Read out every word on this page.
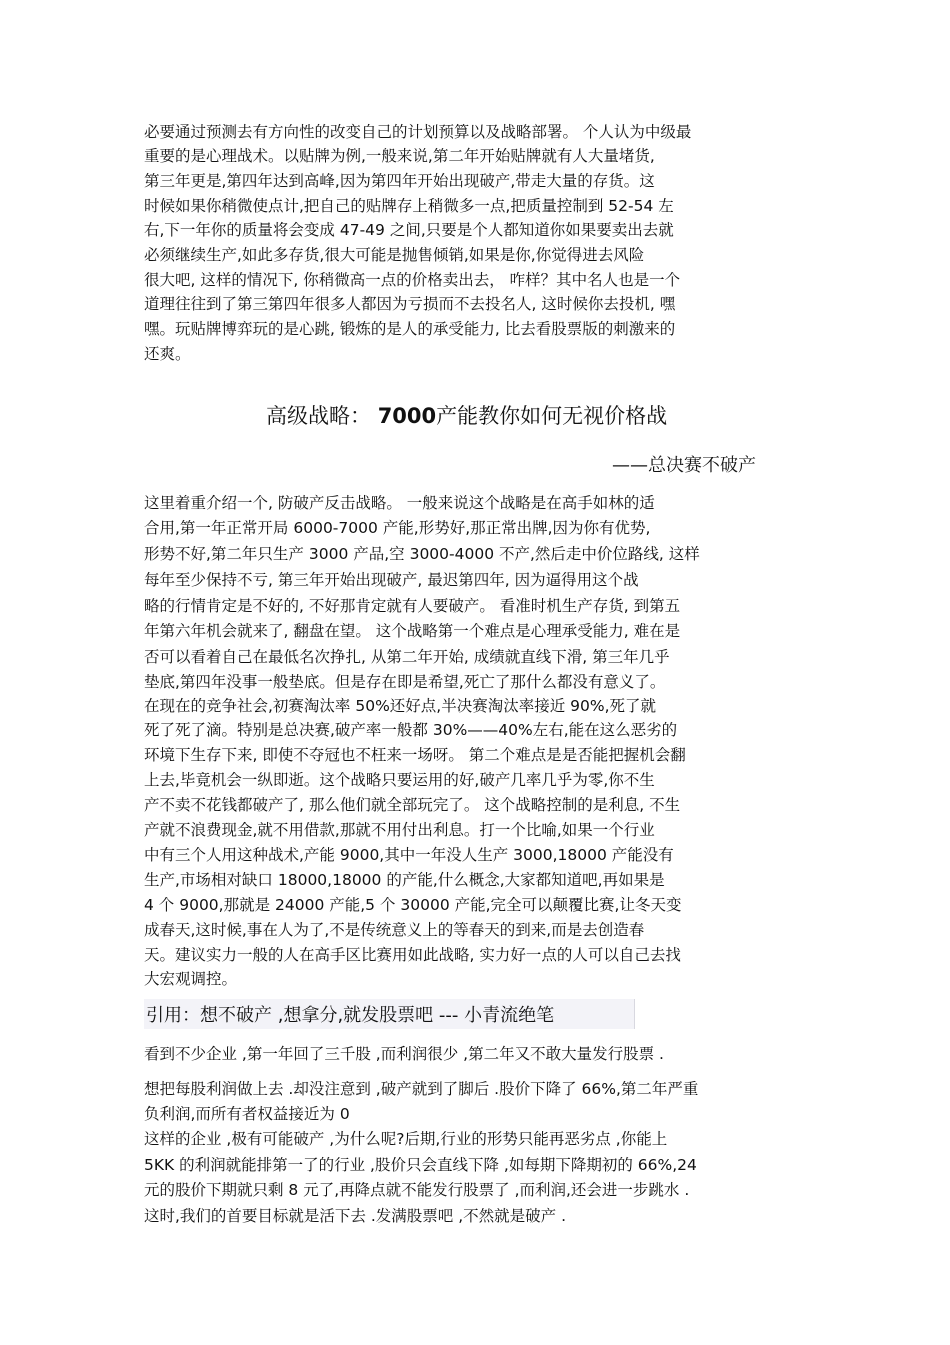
必要通过预测去有方向性的改变自己的计划预算以及战略部署。 个人认为中级最
重要的是心理战术。以贴牌为例,一般来说,第二年开始贴牌就有人大量堵货,
第三年更是,第四年达到高峰,因为第四年开始出现破产,带走大量的存货。这
时候如果你稍微使点计,把自己的贴牌存上稍微多一点,把质量控制到 52-54 左
右,下一年你的质量将会变成 47-49 之间,只要是个人都知道你如果要卖出去就
必须继续生产,如此多存货,很大可能是抛售倾销,如果是你,你觉得进去风险
很大吧, 这样的情况下, 你稍微高一点的价格卖出去， 咋样？其中名人也是一个
道理往往到了第三第四年很多人都因为亏损而不去投名人, 这时候你去投机, 嘿
嘿。玩贴牌博弈玩的是心跳, 锻炼的是人的承受能力, 比去看股票版的刺激来的
还爽。
高级战略： 7000产能教你如何无视价格战
——总决赛不破产
这里着重介绍一个, 防破产反击战略。 一般来说这个战略是在高手如林的适
合用,第一年正常开局 6000-7000 产能,形势好,那正常出牌,因为你有优势,
形势不好,第二年只生产 3000 产品,空 3000-4000 不产,然后走中价位路线, 这样
每年至少保持不亏, 第三年开始出现破产, 最迟第四年, 因为逼得用这个战
略的行情肯定是不好的, 不好那肯定就有人要破产。 看准时机生产存货, 到第五
年第六年机会就来了, 翻盘在望。 这个战略第一个难点是心理承受能力, 难在是
否可以看着自己在最低名次挣扎, 从第二年开始, 成绩就直线下滑, 第三年几乎
垫底,第四年没事一般垫底。但是存在即是希望,死亡了那什么都没有意义了。
在现在的竞争社会,初赛淘汰率 50%还好点,半决赛淘汰率接近 90%,死了就
死了死了滴。特别是总决赛,破产率一般都 30%——40%左右,能在这么恶劣的
环境下生存下来, 即使不夺冠也不枉来一场呀。 第二个难点是是否能把握机会翻
上去,毕竟机会一纵即逝。这个战略只要运用的好,破产几率几乎为零,你不生
产不卖不花钱都破产了, 那么他们就全部玩完了。 这个战略控制的是利息, 不生
产就不浪费现金,就不用借款,那就不用付出利息。打一个比喻,如果一个行业
中有三个人用这种战术,产能 9000,其中一年没人生产 3000,18000 产能没有
生产,市场相对缺口 18000,18000 的产能,什么概念,大家都知道吧,再如果是
4 个 9000,那就是 24000 产能,5 个 30000 产能,完全可以颠覆比赛,让冬天变
成春天,这时候,事在人为了,不是传统意义上的等春天的到来,而是去创造春
天。建议实力一般的人在高手区比赛用如此战略, 实力好一点的人可以自己去找
大宏观调控。
引用：想不破产 ,想拿分,就发股票吧 --- 小青流绝笔
看到不少企业 ,第一年回了三千股 ,而利润很少 ,第二年又不敢大量发行股票 .
想把每股利润做上去 .却没注意到 ,破产就到了脚后 .股价下降了 66%,第二年严重
负利润,而所有者权益接近为 0
这样的企业 ,极有可能破产 ,为什么呢?后期,行业的形势只能再恶劣点 ,你能上
5KK 的利润就能排第一了的行业 ,股价只会直线下降 ,如每期下降期初的 66%,24
元的股价下期就只剩 8 元了,再降点就不能发行股票了 ,而利润,还会进一步跳水 .
这时,我们的首要目标就是活下去 .发满股票吧 ,不然就是破产 .
